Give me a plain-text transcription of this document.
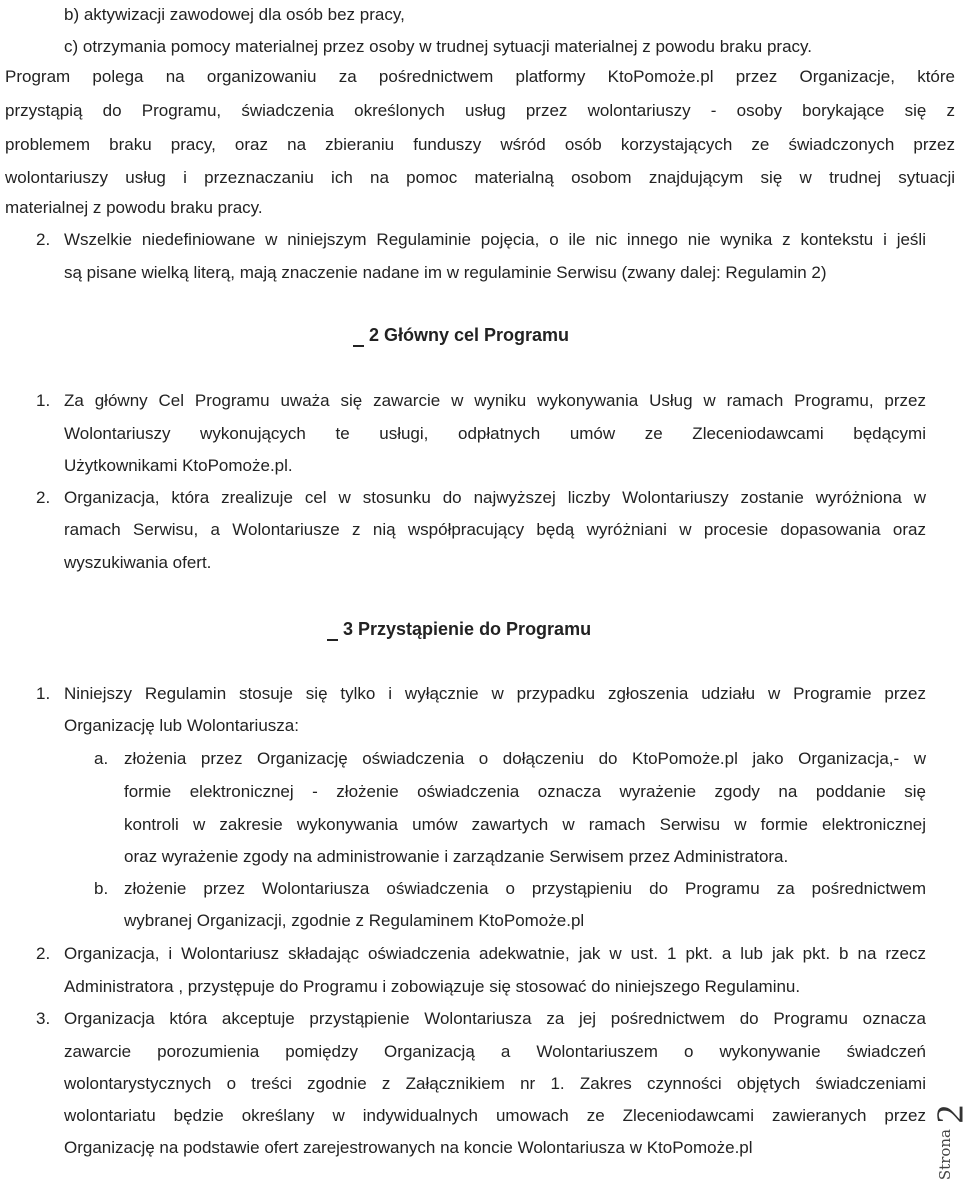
b) aktywizacji zawodowej dla osób bez pracy,
c) otrzymania pomocy materialnej przez osoby w trudnej sytuacji materialnej z powodu braku pracy.
Program polega na organizowaniu za pośrednictwem platformy KtoPomoże.pl przez Organizacje, które
przystąpią do Programu, świadczenia określonych usług przez wolontariuszy - osoby borykające się z
problemem braku pracy, oraz na zbieraniu funduszy wśród osób korzystających ze świadczonych przez
wolontariuszy usług i przeznaczaniu ich na pomoc materialną osobom znajdującym się w trudnej sytuacji
materialnej z powodu braku pracy.
2. Wszelkie niedefiniowane w niniejszym Regulaminie pojęcia, o ile nic innego nie wynika z kontekstu i jeśli
są pisane wielką literą, mają znaczenie nadane im w regulaminie Serwisu (zwany dalej: Regulamin 2)
2 Główny cel Programu
1. Za główny Cel Programu uważa się zawarcie w wyniku wykonywania Usług w ramach Programu, przez
Wolontariuszy wykonujących te usługi, odpłatnych umów ze Zleceniodawcami będącymi
Użytkownikami KtoPomoże.pl.
2. Organizacja, która zrealizuje cel w stosunku do najwyższej liczby Wolontariuszy zostanie wyróżniona w
ramach Serwisu, a Wolontariusze z nią współpracujący będą wyróżniani w procesie dopasowania oraz
wyszukiwania ofert.
3 Przystąpienie do Programu
1. Niniejszy Regulamin stosuje się tylko i wyłącznie w przypadku zgłoszenia udziału w Programie przez
Organizację lub Wolontariusza:
a. złożenia przez Organizację oświadczenia o dołączeniu do KtoPomoże.pl jako Organizacja,- w
formie elektronicznej - złożenie oświadczenia oznacza wyrażenie zgody na poddanie się
kontroli w zakresie wykonywania umów zawartych w ramach Serwisu w formie elektronicznej
oraz wyrażenie zgody na administrowanie i zarządzanie Serwisem przez Administratora.
b. złożenie przez Wolontariusza oświadczenia o przystąpieniu do Programu za pośrednictwem
wybranej Organizacji, zgodnie z Regulaminem KtoPomoże.pl
2. Organizacja, i Wolontariusz składając oświadczenia adekwatnie, jak w ust. 1 pkt. a lub jak pkt. b na rzecz
Administratora , przystępuje do Programu i zobowiązuje się stosować do niniejszego Regulaminu.
3. Organizacja która akceptuje przystąpienie Wolontariusza za jej pośrednictwem do Programu oznacza
zawarcie porozumienia pomiędzy Organizacją a Wolontariuszem o wykonywanie świadczeń
wolontarystycznych o treści zgodnie z Załącznikiem nr 1. Zakres czynności objętych świadczeniami
wolontariatu będzie określany w indywidualnych umowach ze Zleceniodawcami zawieranych przez
Organizację na podstawie ofert zarejestrowanych na koncie Wolontariusza w KtoPomoże.pl	Strona
2
